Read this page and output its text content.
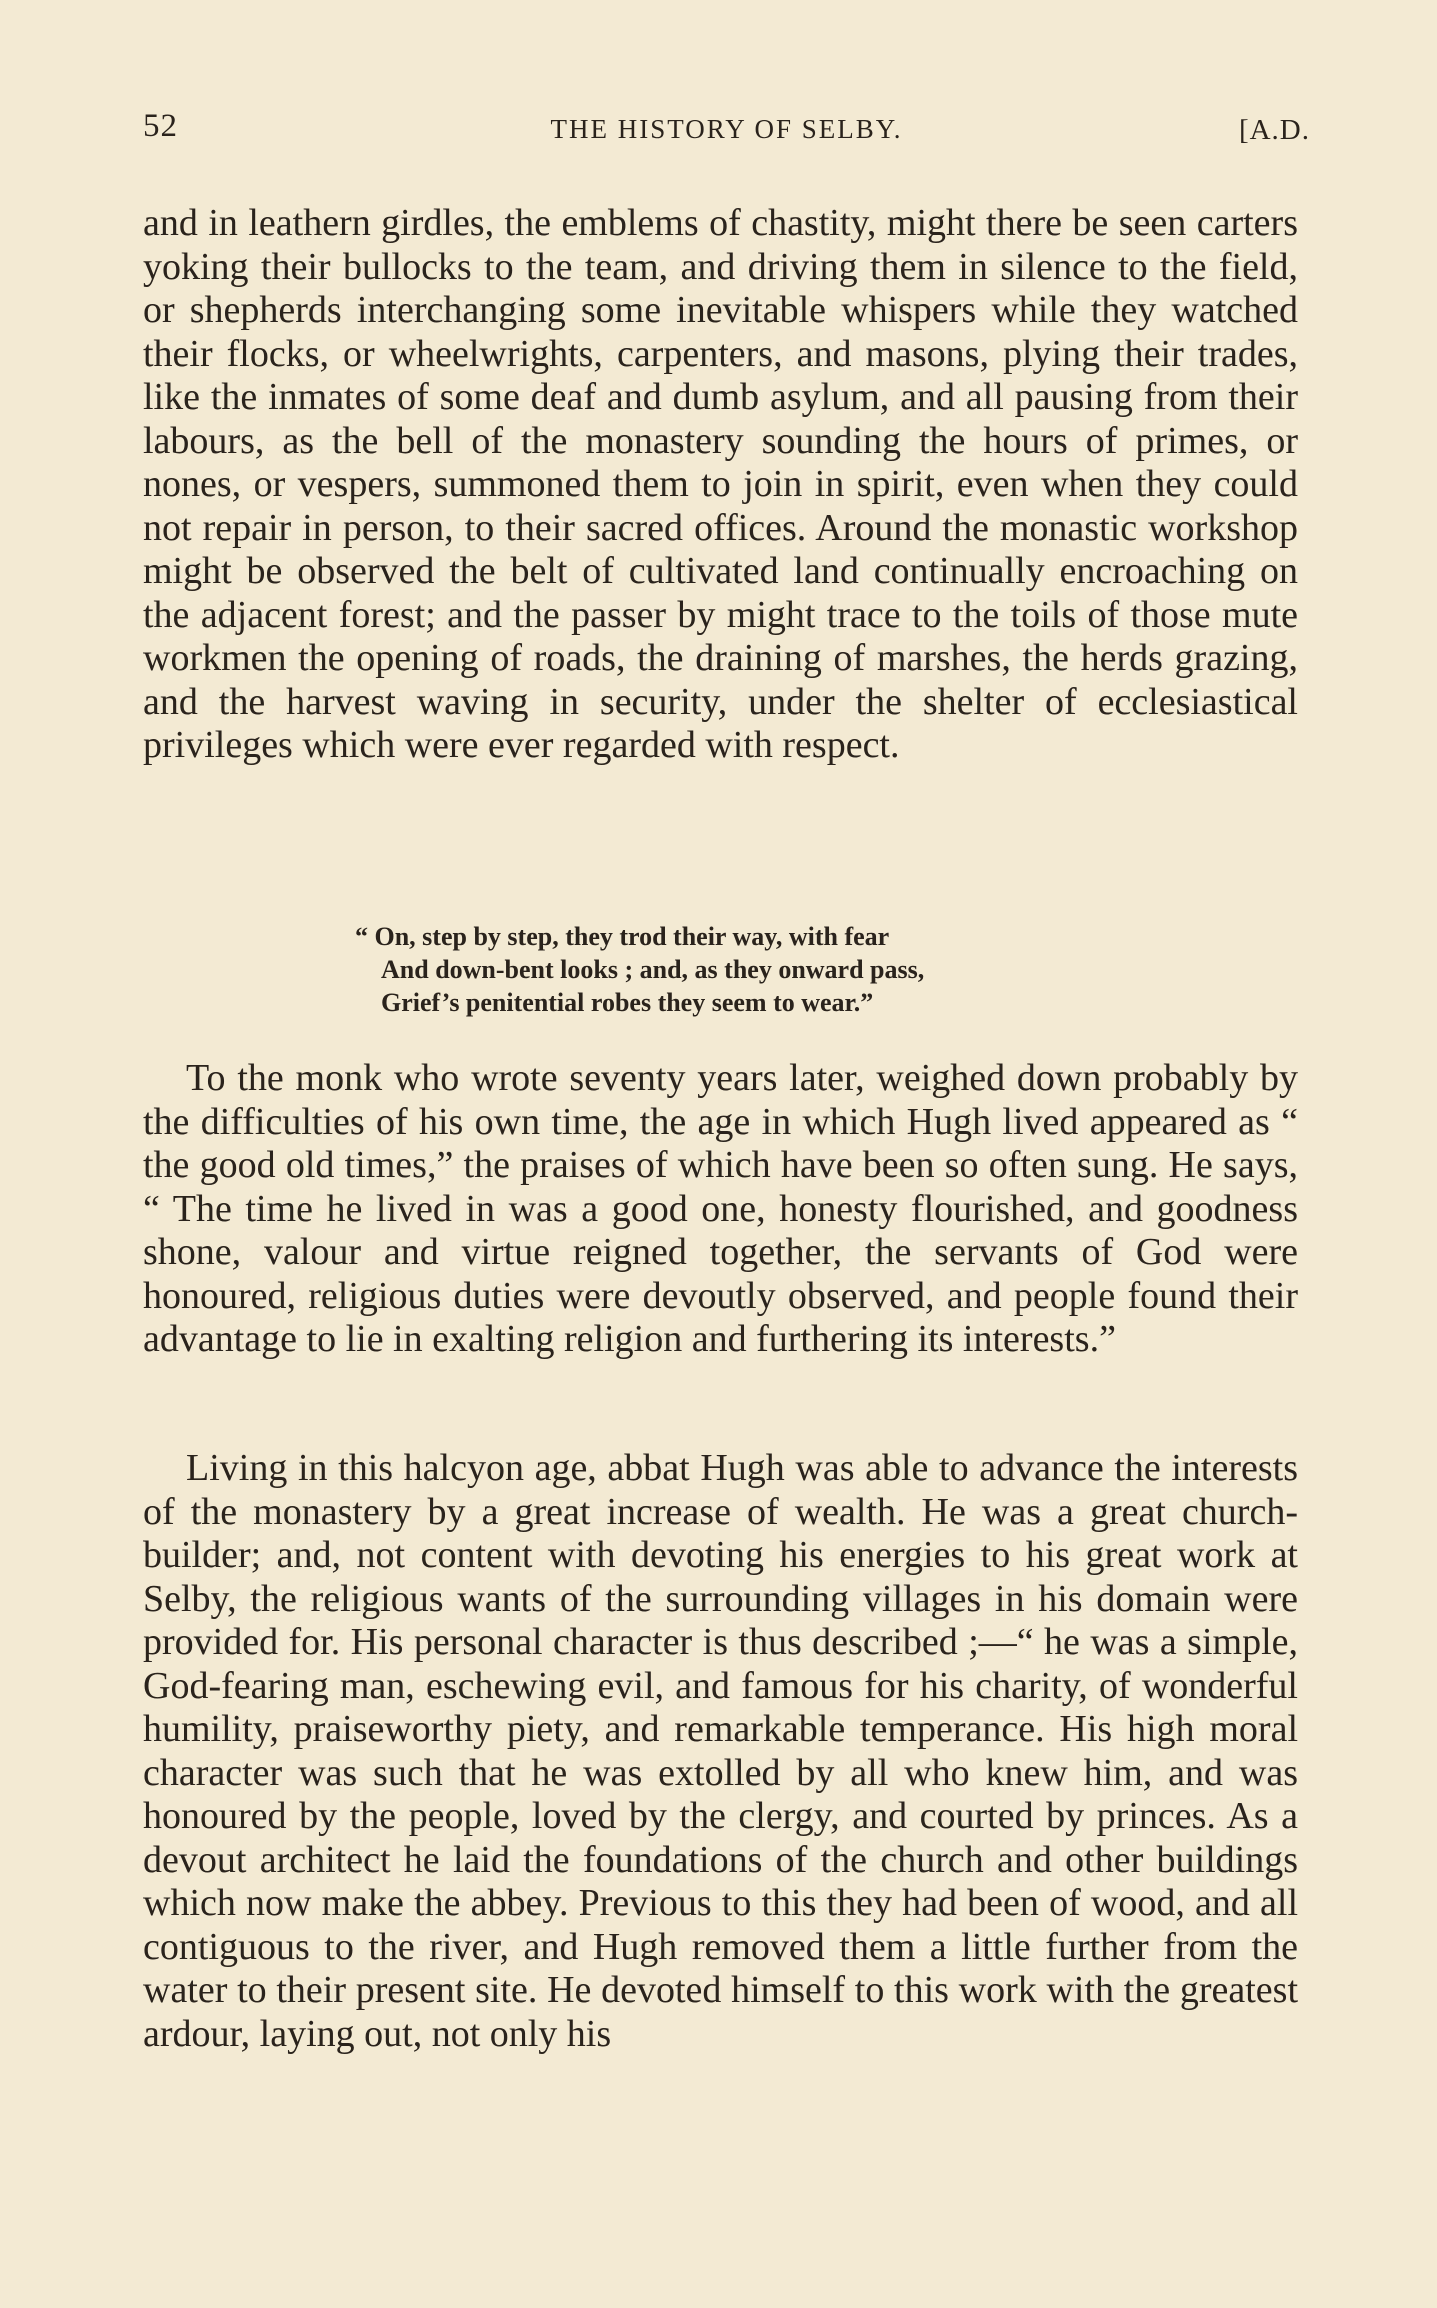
52	THE HISTORY OF SELBY.	[A.D.

and in leathern girdles, the emblems of chastity, might there be seen carters yoking their bullocks to the team, and driving them in silence to the field, or shepherds interchanging some inevitable whispers while they watched their flocks, or wheelwrights, carpenters, and masons, plying their trades, like the inmates of some deaf and dumb asylum, and all pausing from their labours, as the bell of the monastery sounding the hours of primes, or nones, or vespers, summoned them to join in spirit, even when they could not repair in person, to their sacred offices. Around the monastic workshop might be observed the belt of cultivated land continually encroaching on the adjacent forest; and the passer by might trace to the toils of those mute workmen the opening of roads, the draining of marshes, the herds grazing, and the harvest waving in security, under the shelter of ecclesiastical privileges which were ever regarded with respect.

“ On, step by step, they trod their way, with fear
And down-bent looks ; and, as they onward pass,
Grief’s penitential robes they seem to wear.”

To the monk who wrote seventy years later, weighed down probably by the difficulties of his own time, the age in which Hugh lived appeared as “ the good old times,” the praises of which have been so often sung. He says, “ The time he lived in was a good one, honesty flourished, and goodness shone, valour and virtue reigned together, the servants of God were honoured, religious duties were devoutly observed, and people found their advantage to lie in exalting religion and furthering its interests.”

Living in this halcyon age, abbat Hugh was able to advance the interests of the monastery by a great increase of wealth. He was a great church-builder; and, not content with devoting his energies to his great work at Selby, the religious wants of the surrounding villages in his domain were provided for. His personal character is thus described ;—“ he was a simple, God-fearing man, eschewing evil, and famous for his charity, of wonderful humility, praiseworthy piety, and remarkable temperance. His high moral character was such that he was extolled by all who knew him, and was honoured by the people, loved by the clergy, and courted by princes. As a devout architect he laid the foundations of the church and other buildings which now make the abbey. Previous to this they had been of wood, and all contiguous to the river, and Hugh removed them a little further from the water to their present site. He devoted himself to this work with the greatest ardour, laying out, not only his
